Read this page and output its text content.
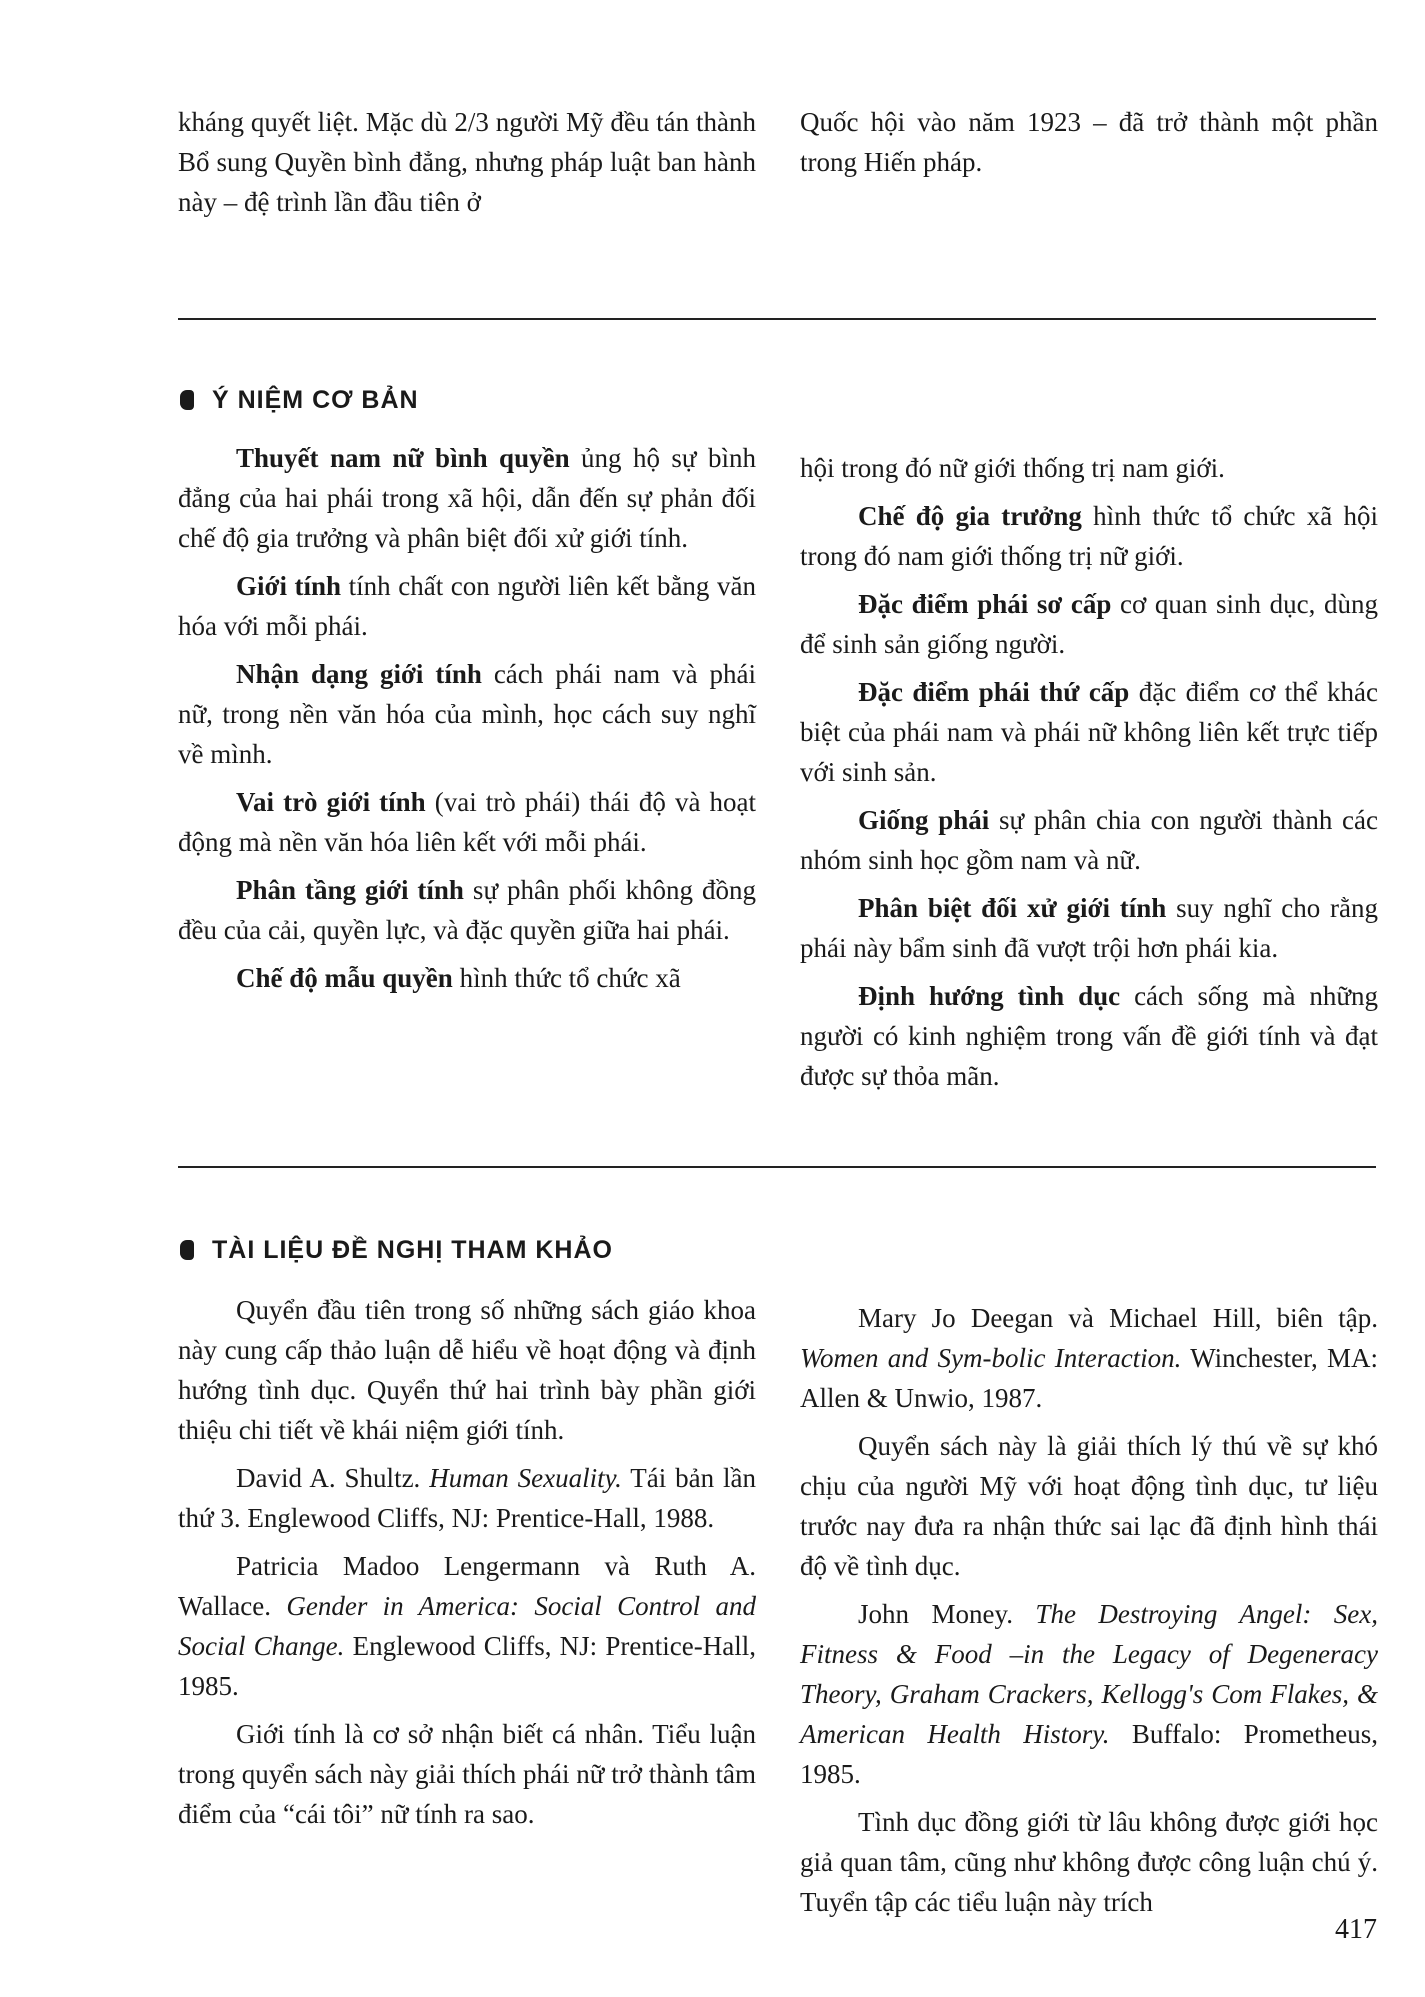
kháng quyết liệt. Mặc dù 2/3 người Mỹ đều tán thành Bổ sung Quyền bình đẳng, nhưng pháp luật ban hành này – đệ trình lần đầu tiên ở

Quốc hội vào năm 1923 – đã trở thành một phần trong Hiến pháp.

Ý NIỆM CƠ BẢN

Thuyết nam nữ bình quyền ủng hộ sự bình đẳng của hai phái trong xã hội, dẫn đến sự phản đối chế độ gia trưởng và phân biệt đối xử giới tính.

Giới tính tính chất con người liên kết bằng văn hóa với mỗi phái.

Nhận dạng giới tính cách phái nam và phái nữ, trong nền văn hóa của mình, học cách suy nghĩ về mình.

Vai trò giới tính (vai trò phái) thái độ và hoạt động mà nền văn hóa liên kết với mỗi phái.

Phân tầng giới tính sự phân phối không đồng đều của cải, quyền lực, và đặc quyền giữa hai phái.

Chế độ mẫu quyền hình thức tổ chức xã

hội trong đó nữ giới thống trị nam giới.

Chế độ gia trưởng hình thức tổ chức xã hội trong đó nam giới thống trị nữ giới.

Đặc điểm phái sơ cấp cơ quan sinh dục, dùng để sinh sản giống người.

Đặc điểm phái thứ cấp đặc điểm cơ thể khác biệt của phái nam và phái nữ không liên kết trực tiếp với sinh sản.

Giống phái sự phân chia con người thành các nhóm sinh học gồm nam và nữ.

Phân biệt đối xử giới tính suy nghĩ cho rằng phái này bẩm sinh đã vượt trội hơn phái kia.

Định hướng tình dục cách sống mà những người có kinh nghiệm trong vấn đề giới tính và đạt được sự thỏa mãn.

TÀI LIỆU ĐỀ NGHỊ THAM KHẢO

Quyển đầu tiên trong số những sách giáo khoa này cung cấp thảo luận dễ hiểu về hoạt động và định hướng tình dục. Quyển thứ hai trình bày phần giới thiệu chi tiết về khái niệm giới tính.

David A. Shultz. Human Sexuality. Tái bản lần thứ 3. Englewood Cliffs, NJ: Prentice-Hall, 1988.

Patricia Madoo Lengermann và Ruth A. Wallace. Gender in America: Social Control and Social Change. Englewood Cliffs, NJ: Prentice-Hall, 1985.

Giới tính là cơ sở nhận biết cá nhân. Tiểu luận trong quyển sách này giải thích phái nữ trở thành tâm điểm của “cái tôi” nữ tính ra sao.

Mary Jo Deegan và Michael Hill, biên tập. Women and Sym-bolic Interaction. Winchester, MA: Allen & Unwio, 1987.

Quyển sách này là giải thích lý thú về sự khó chịu của người Mỹ với hoạt động tình dục, tư liệu trước nay đưa ra nhận thức sai lạc đã định hình thái độ về tình dục.

John Money. The Destroying Angel: Sex, Fitness & Food –in the Legacy of Degeneracy Theory, Graham Crackers, Kellogg's Com Flakes, & American Health History. Buffalo: Prometheus, 1985.

Tình dục đồng giới từ lâu không được giới học giả quan tâm, cũng như không được công luận chú ý. Tuyển tập các tiểu luận này trích

417
